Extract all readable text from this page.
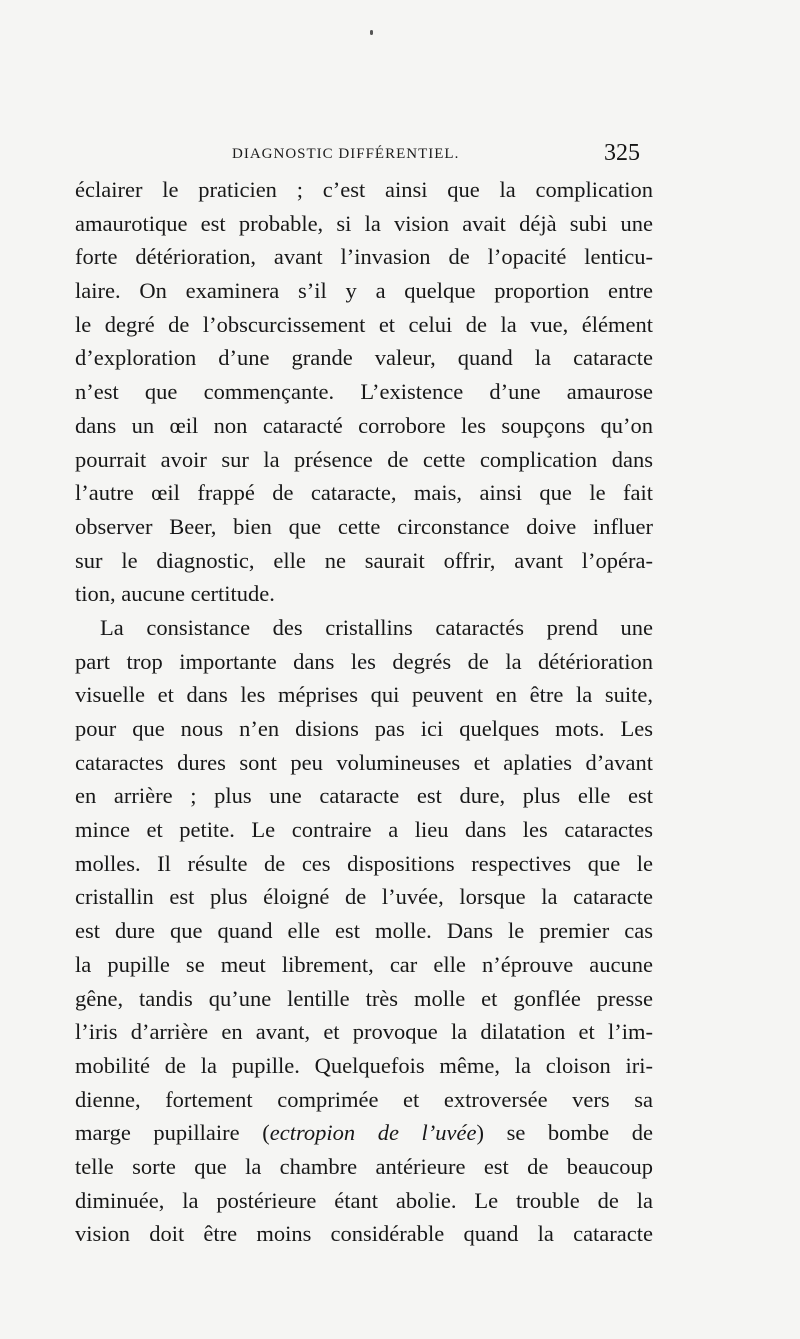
DIAGNOSTIC DIFFÉRENTIEL.	325
éclairer le praticien ; c’est ainsi que la complication
amaurotique est probable, si la vision avait déjà subi une
forte détérioration, avant l’invasion de l’opacité lenticu-
laire. On examinera s’il y a quelque proportion entre
le degré de l’obscurcissement et celui de la vue, élément
d’exploration d’une grande valeur, quand la cataracte
n’est que commençante. L’existence d’une amaurose
dans un œil non cataracté corrobore les soupçons qu’on
pourrait avoir sur la présence de cette complication dans
l’autre œil frappé de cataracte, mais, ainsi que le fait
observer Beer, bien que cette circonstance doive influer
sur le diagnostic, elle ne saurait offrir, avant l’opéra-
tion, aucune certitude.
La consistance des cristallins cataractés prend une
part trop importante dans les degrés de la détérioration
visuelle et dans les méprises qui peuvent en être la suite,
pour que nous n’en disions pas ici quelques mots. Les
cataractes dures sont peu volumineuses et aplaties d’avant
en arrière ; plus une cataracte est dure, plus elle est
mince et petite. Le contraire a lieu dans les cataractes
molles. Il résulte de ces dispositions respectives que le
cristallin est plus éloigné de l’uvée, lorsque la cataracte
est dure que quand elle est molle. Dans le premier cas
la pupille se meut librement, car elle n’éprouve aucune
gêne, tandis qu’une lentille très molle et gonflée presse
l’iris d’arrière en avant, et provoque la dilatation et l’im-
mobilité de la pupille. Quelquefois même, la cloison iri-
dienne, fortement comprimée et extroversée vers sa
marge pupillaire (ectropion de l’uvée) se bombe de
telle sorte que la chambre antérieure est de beaucoup
diminuée, la postérieure étant abolie. Le trouble de la
vision doit être moins considérable quand la cataracte
